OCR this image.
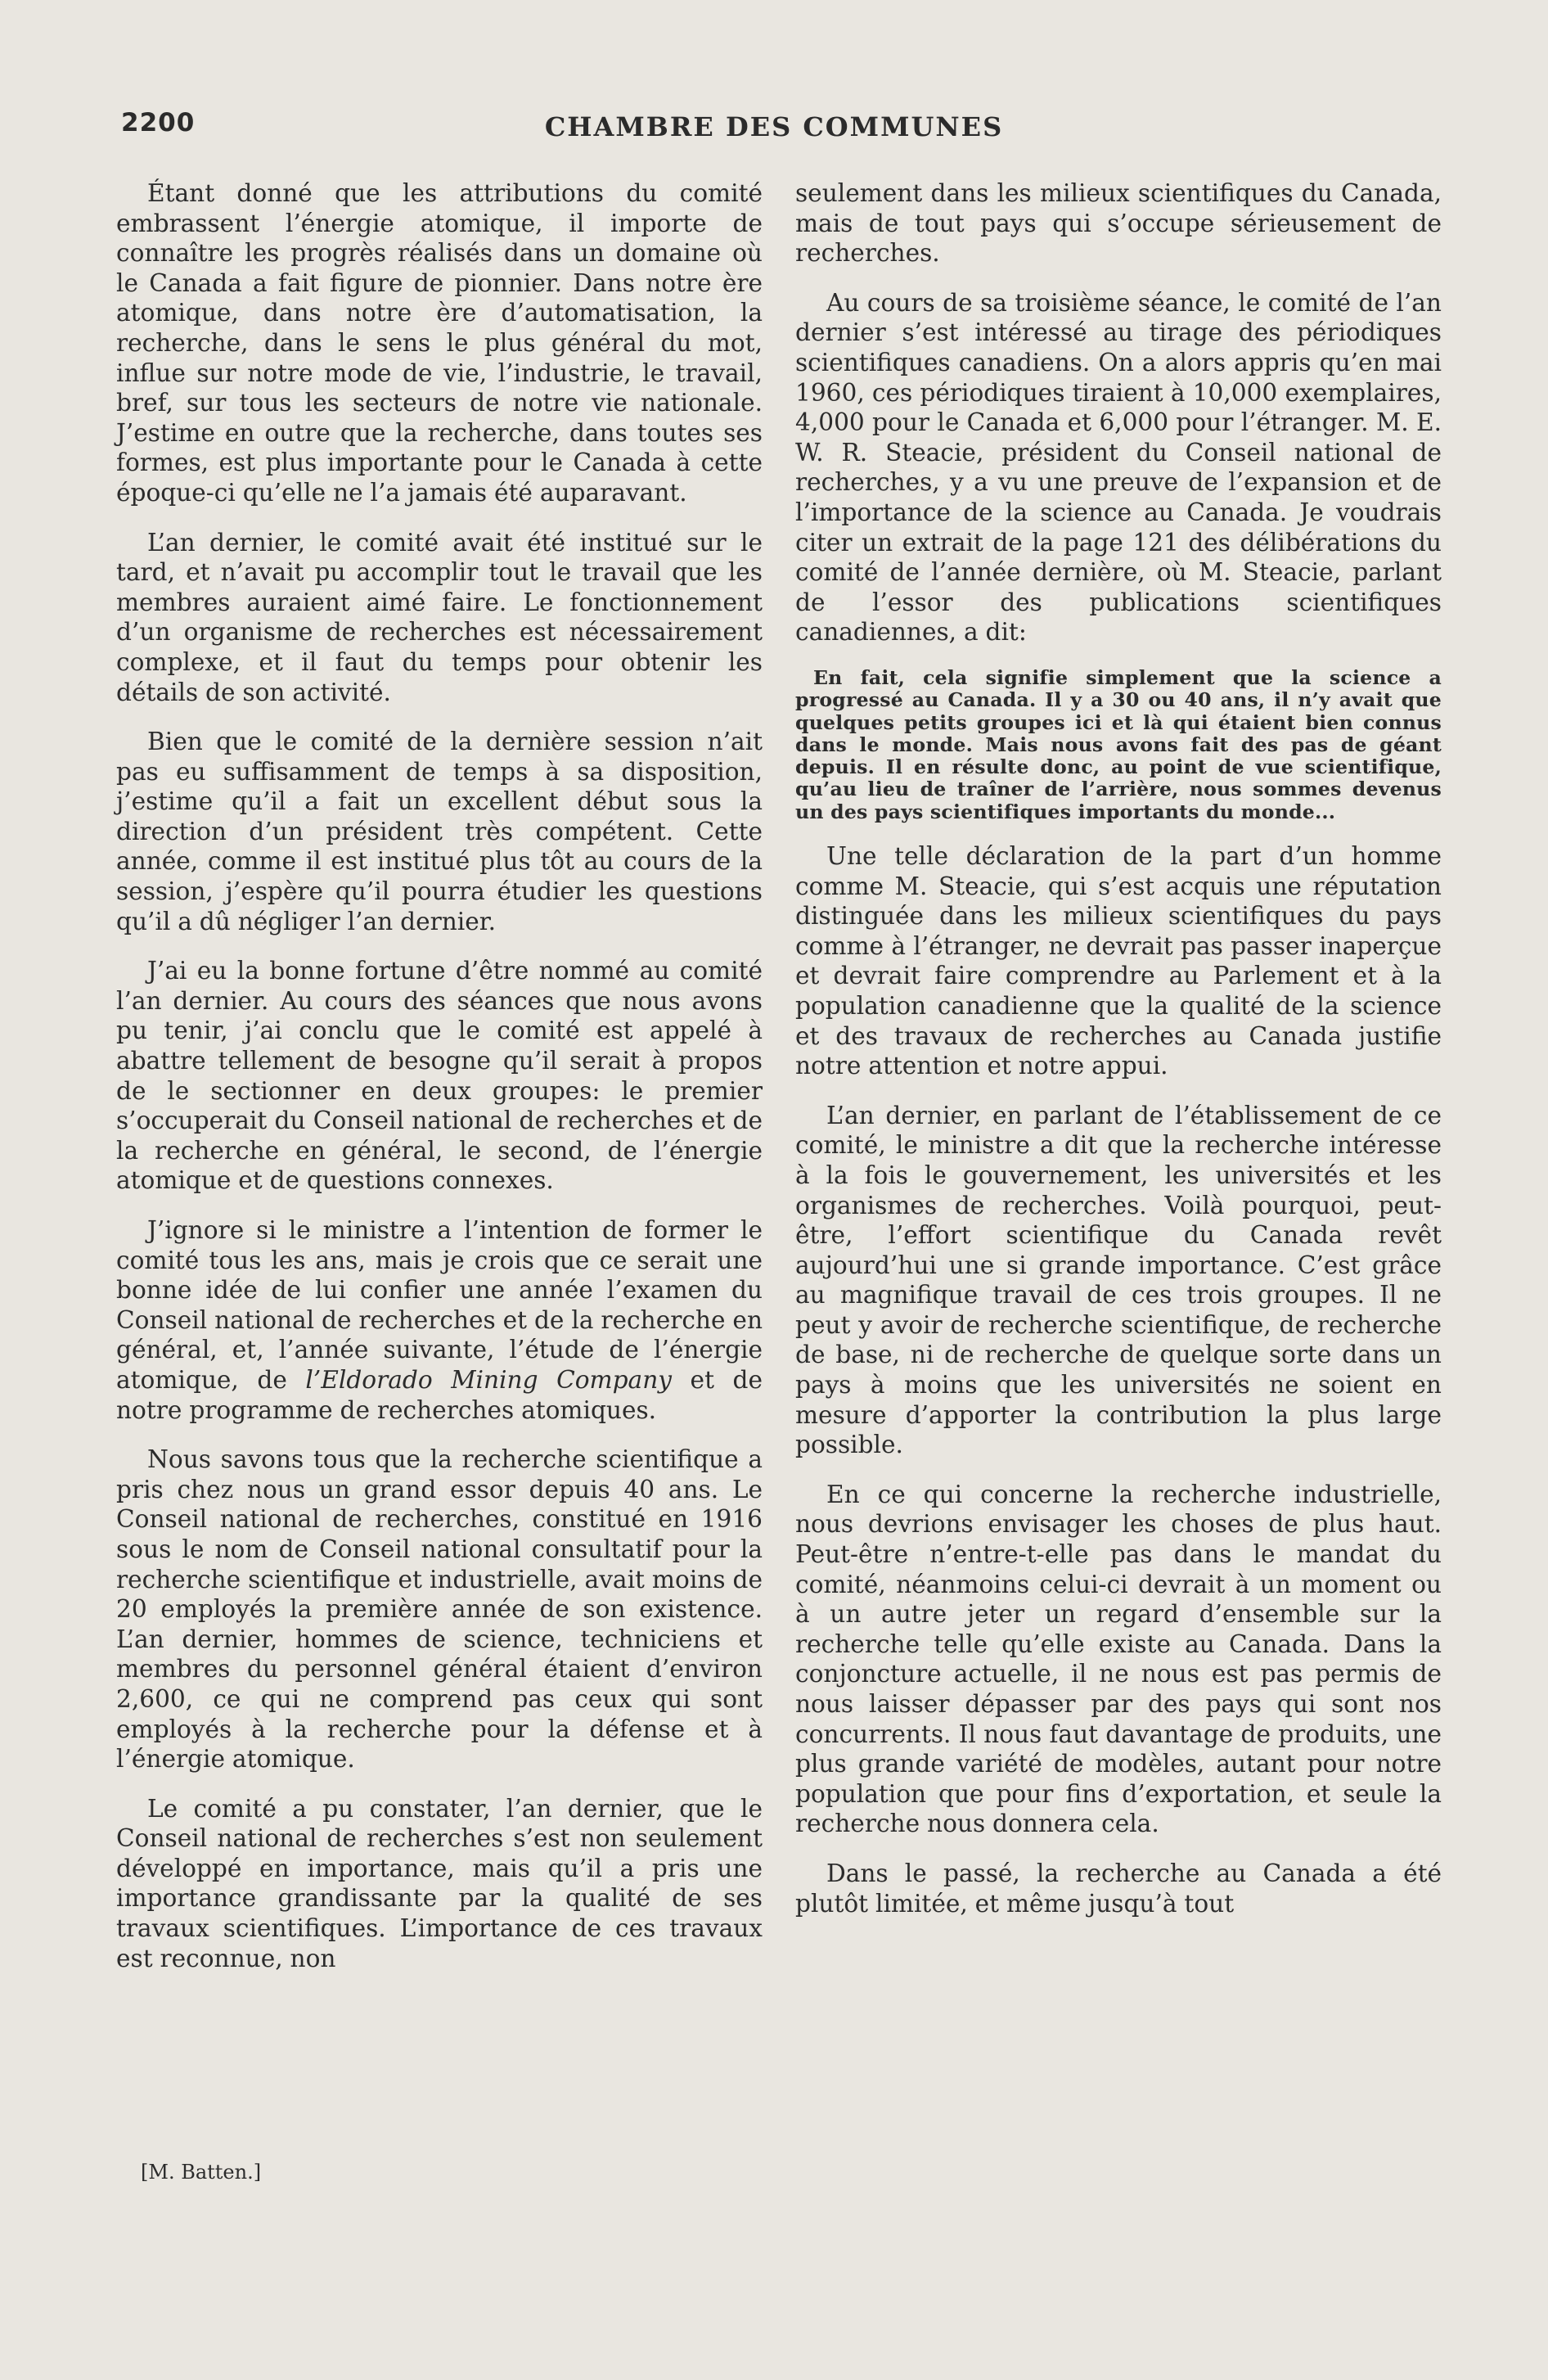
2200	CHAMBRE DES COMMUNES

Étant donné que les attributions du comité embrassent l’énergie atomique, il importe de connaître les progrès réalisés dans un domaine où le Canada a fait figure de pionnier. Dans notre ère atomique, dans notre ère d’automatisation, la recherche, dans le sens le plus général du mot, influe sur notre mode de vie, l’industrie, le travail, bref, sur tous les secteurs de notre vie nationale. J’estime en outre que la recherche, dans toutes ses formes, est plus importante pour le Canada à cette époque-ci qu’elle ne l’a jamais été auparavant.

L’an dernier, le comité avait été institué sur le tard, et n’avait pu accomplir tout le travail que les membres auraient aimé faire. Le fonctionnement d’un organisme de recherches est nécessairement complexe, et il faut du temps pour obtenir les détails de son activité.

Bien que le comité de la dernière session n’ait pas eu suffisamment de temps à sa disposition, j’estime qu’il a fait un excellent début sous la direction d’un président très compétent. Cette année, comme il est institué plus tôt au cours de la session, j’espère qu’il pourra étudier les questions qu’il a dû négliger l’an dernier.

J’ai eu la bonne fortune d’être nommé au comité l’an dernier. Au cours des séances que nous avons pu tenir, j’ai conclu que le comité est appelé à abattre tellement de besogne qu’il serait à propos de le sectionner en deux groupes: le premier s’occuperait du Conseil national de recherches et de la recherche en général, le second, de l’énergie atomique et de questions connexes.

J’ignore si le ministre a l’intention de former le comité tous les ans, mais je crois que ce serait une bonne idée de lui confier une année l’examen du Conseil national de recherches et de la recherche en général, et, l’année suivante, l’étude de l’énergie atomique, de l’Eldorado Mining Company et de notre programme de recherches atomiques.

Nous savons tous que la recherche scientifique a pris chez nous un grand essor depuis 40 ans. Le Conseil national de recherches, constitué en 1916 sous le nom de Conseil national consultatif pour la recherche scientifique et industrielle, avait moins de 20 employés la première année de son existence. L’an dernier, hommes de science, techniciens et membres du personnel général étaient d’environ 2,600, ce qui ne comprend pas ceux qui sont employés à la recherche pour la défense et à l’énergie atomique.

Le comité a pu constater, l’an dernier, que le Conseil national de recherches s’est non seulement développé en importance, mais qu’il a pris une importance grandissante par la qualité de ses travaux scientifiques. L’importance de ces travaux est reconnue, non

[M. Batten.]

seulement dans les milieux scientifiques du Canada, mais de tout pays qui s’occupe sérieusement de recherches.

Au cours de sa troisième séance, le comité de l’an dernier s’est intéressé au tirage des périodiques scientifiques canadiens. On a alors appris qu’en mai 1960, ces périodiques tiraient à 10,000 exemplaires, 4,000 pour le Canada et 6,000 pour l’étranger. M. E. W. R. Steacie, président du Conseil national de recherches, y a vu une preuve de l’expansion et de l’importance de la science au Canada. Je voudrais citer un extrait de la page 121 des délibérations du comité de l’année dernière, où M. Steacie, parlant de l’essor des publications scientifiques canadiennes, a dit:

En fait, cela signifie simplement que la science a progressé au Canada. Il y a 30 ou 40 ans, il n’y avait que quelques petits groupes ici et là qui étaient bien connus dans le monde. Mais nous avons fait des pas de géant depuis. Il en résulte donc, au point de vue scientifique, qu’au lieu de traîner de l’arrière, nous sommes devenus un des pays scientifiques importants du monde...

Une telle déclaration de la part d’un homme comme M. Steacie, qui s’est acquis une réputation distinguée dans les milieux scientifiques du pays comme à l’étranger, ne devrait pas passer inaperçue et devrait faire comprendre au Parlement et à la population canadienne que la qualité de la science et des travaux de recherches au Canada justifie notre attention et notre appui.

L’an dernier, en parlant de l’établissement de ce comité, le ministre a dit que la recherche intéresse à la fois le gouvernement, les universités et les organismes de recherches. Voilà pourquoi, peut-être, l’effort scientifique du Canada revêt aujourd’hui une si grande importance. C’est grâce au magnifique travail de ces trois groupes. Il ne peut y avoir de recherche scientifique, de recherche de base, ni de recherche de quelque sorte dans un pays à moins que les universités ne soient en mesure d’apporter la contribution la plus large possible.

En ce qui concerne la recherche industrielle, nous devrions envisager les choses de plus haut. Peut-être n’entre-t-elle pas dans le mandat du comité, néanmoins celui-ci devrait à un moment ou à un autre jeter un regard d’ensemble sur la recherche telle qu’elle existe au Canada. Dans la conjoncture actuelle, il ne nous est pas permis de nous laisser dépasser par des pays qui sont nos concurrents. Il nous faut davantage de produits, une plus grande variété de modèles, autant pour notre population que pour fins d’exportation, et seule la recherche nous donnera cela.

Dans le passé, la recherche au Canada a été plutôt limitée, et même jusqu’à tout
